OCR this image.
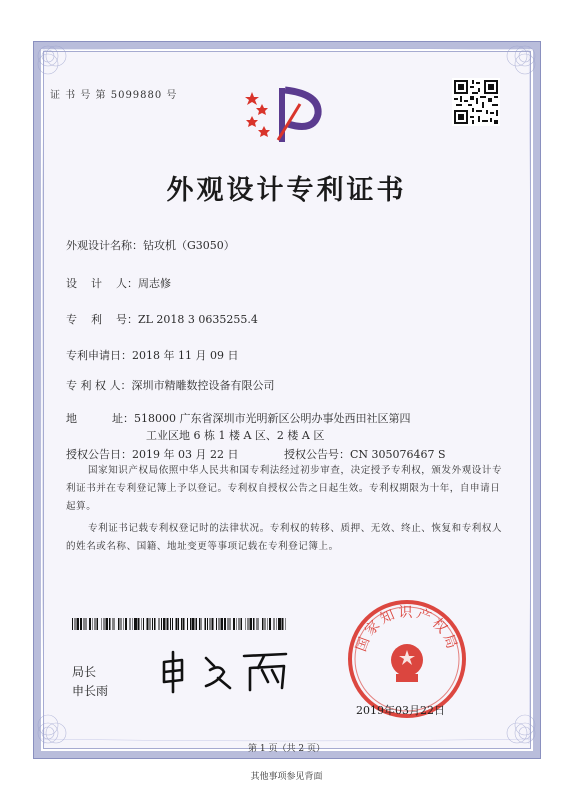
证 书 号 第 5099880 号
外观设计专利证书
外观设计名称：钻攻机（G3050）
设    计    人：周志修
专    利    号：ZL 2018 3 0635255.4
专利申请日：2018 年 11 月 09 日
专 利 权 人：深圳市精雕数控设备有限公司
地          址：518000 广东省深圳市光明新区公明办事处西田社区第四
工业区地 6 栋 1 楼 A 区、2 楼 A 区
授权公告日：2019 年 03 月 22 日	授权公告号：CN 305076467 S
国家知识产权局依照中华人民共和国专利法经过初步审查，决定授予专利权，颁发外观设计专利证书并在专利登记簿上予以登记。专利权自授权公告之日起生效。专利权期限为十年，自申请日起算。
专利证书记载专利权登记时的法律状况。专利权的转移、质押、无效、终止、恢复和专利权人的姓名或名称、国籍、地址变更等事项记载在专利登记簿上。
局长
申长雨
国家知识产权局
2019年03月22日
第 1 页（共 2 页）
其他事项参见背面
